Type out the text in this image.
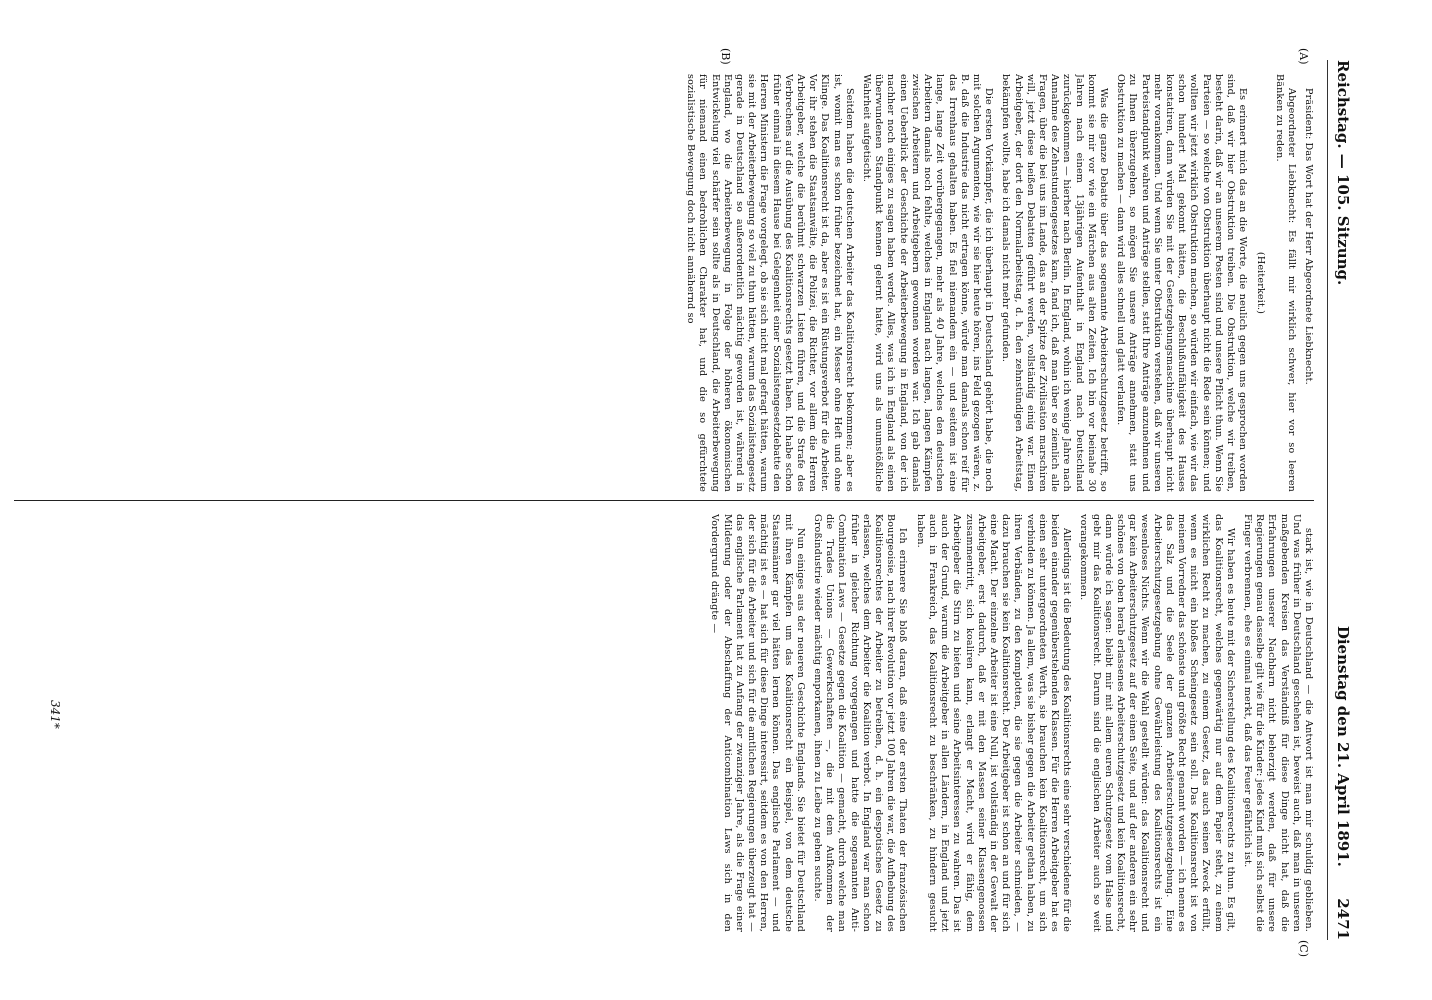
Reichstag. — 105. Sitzung.
Dienstag den 21. April 1891.      2471
(A)
(B)
(C)

Präsident: Das Wort hat der Herr Abgeordnete Liebknecht.

Abgeordneter Liebknecht: Es fällt mir wirklich schwer, hier vor so leeren Bänken zu reden.

(Heiterkeit.)

Es erinnert mich das an die Worte, die neulich gegen uns gesprochen worden sind, daß wir hier Obstruktion treiben. Die Obstruktion, welche wir treiben, besteht darin, daß wir an unserem Posten sind und unsere Pflicht thun. Wenn Sie Parteien — so welche von Obstruktion überhaupt nicht die Rede sein können; und wollten wir jetzt wirklich Obstruktion machen, so würden wir einfach, wie wir das schon hundert Mal gekonnt hätten, die Beschlußunfähigkeit des Hauses konstatiren, dann würden Sie mit der Gesetzgebungsmaschine überhaupt nicht mehr vorankommen. Und wenn Sie unter Obstruktion verstehen, daß wir unseren Parteistandpunkt wahren und Anträge stellen, statt Ihre Anträge anzunehmen und zu Ihnen überzugehen, so mögen Sie unsere Anträge annehmen, statt uns Obstruktion zu machen — dann wird alles schnell und glatt verlaufen.

Was die ganze Debatte über das sogenannte Arbeiterschutzgesetz betrifft, so kommt sie mir vor wie ein Märchen aus alten Zeiten. Ich bin vor beinahe 30 Jahren nach einem 13jährigen Aufenthalt in England nach Deutschland zurückgekommen — hierher nach Berlin. In England, wohin ich wenige Jahre nach Annahme des Zehnstundengesetzes kam, fand ich, daß man über so ziemlich alle Fragen, über die bei uns im Lande, das an der Spitze der Zivilisation marschiren will, jetzt diese heißen Debatten geführt werden, vollständig einig war. Einen Arbeitgeber, der dort den Normalarbeitstag, d. h. den zehnstündigen Arbeitstag, bekämpfen wollte, habe ich damals nicht mehr gefunden.

Die ersten Vorkämpfer, die ich überhaupt in Deutschland gehört habe, die noch mit solchen Argumenten, wie wir sie hier heute hören, ins Feld gezogen wären, z. B. daß die Industrie das nicht ertragen könne, würde man damals schon reif für das Irrenhaus gehalten haben. Es fiel niemandem ein — und seitdem ist eine lange, lange Zeit vorübergegangen, mehr als 40 Jahre, welches den deutschen Arbeitern damals noch fehlte, welches in England nach langen, langen Kämpfen zwischen Arbeitern und Arbeitgebern gewonnen worden war. Ich gab damals einen Ueberblick der Geschichte der Arbeiterbewegung in England, von der ich nachher noch einiges zu sagen haben werde. Alles, was ich in England als einen überwundenen Standpunkt kennen gelernt hatte, wird uns als unumstößliche Wahrheit aufgetischt.

Seitdem haben die deutschen Arbeiter das Koalitionsrecht bekommen; aber es ist, womit man es schon früher bezeichnet hat, ein Messer ohne Heft und ohne Klinge. Das Koalitionsrecht ist da, aber es ist ein Rüstungsverbot für die Arbeiter. Vor ihr stehen die Staatsanwälte, die Polizei, die Richter, vor allem die Herren Arbeitgeber, welche die berühmt schwarzen Listen führen, und die Strafe des Verbrechens auf die Ausübung des Koalitionsrechts gesetzt haben. Ich habe schon früher einmal in diesem Hause bei Gelegenheit einer Sozialistengesetzdebatte den Herren Ministern die Frage vorgelegt, ob sie sich nicht mal gefragt hätten, warum sie mit der Arbeiterbewegung so viel zu thun hätten, warum das Sozialistengesetz gerade in Deutschland so außerordentlich mächtig geworden ist, während in England, wo die Arbeiterbewegung in Folge der höheren ökonomischen Entwickelung viel schärfer sein sollte als in Deutschland, die Arbeiterbewegung für niemand einen bedrohlichen Charakter hat, und die so gefürchtete sozialistische Bewegung doch nicht annähernd so

stark ist, wie in Deutschland — die Antwort ist man mir schuldig geblieben. Und was früher in Deutschland geschehen ist, beweist auch, daß man in unseren maßgebenden Kreisen das Verständniß für diese Dinge nicht hat, daß die Erfahrungen unserer Nachbarn nicht beherzigt werden, daß für unsere Regierungen genau dasselbe gilt wie für die Kinder: jedes Kind muß sich selbst die Finger verbrennen, ehe es einmal merkt, daß das Feuer gefährlich ist.

Wir haben es heute mit der Sicherstellung des Koalitionsrechts zu thun. Es gilt, das Koalitionsrecht, welches gegenwärtig nur auf dem Papier steht, zu einem wirklichen Recht zu machen, zu einem Gesetz, das auch seinen Zweck erfüllt, wenn es nicht ein bloßes Scheingesetz sein soll. Das Koalitionsrecht ist von meinem Vorredner das schönste und größte Recht genannt worden — ich nenne es das Salz und die Seele der ganzen Arbeiterschutzgesetzgebung. Eine Arbeiterschutzgesetzgebung ohne Gewährleistung des Koalitionsrechts ist ein wesenloses Nichts. Wenn wir die Wahl gestellt würden: das Koalitionsrecht und gar kein Arbeiterschutzgesetz auf der einen Seite, und auf der anderen ein sehr schönes von oben herab erlassenes Arbeiterschutzgesetz und kein Koalitionsrecht, dann würde ich sagen: bleibt mir mit allem euren Schutzgesetz vom Halse und gebt mir das Koalitionsrecht. Darum sind die englischen Arbeiter auch so weit vorangekommen.

Allerdings ist die Bedeutung des Koalitionsrechts eine sehr verschiedene für die beiden einander gegenüberstehenden Klassen. Für die Herren Arbeitgeber hat es einen sehr untergeordneten Werth, sie brauchen kein Koalitionsrecht, um sich verbinden zu können. Ja allem, was sie bisher gegen die Arbeiter gethan haben, zu ihren Verbänden, zu den Komplotten, die sie gegen die Arbeiter schmieden, — dazu brauchen sie kein Koalitionsrecht. Der Arbeitgeber ist schon an und für sich eine Macht. Der einzelne Arbeiter ist eine Null, ist vollständig in der Gewalt der Arbeitgeber, erst dadurch, daß er mit den Massen seiner Klassengenossen zusammentritt, sich koaliren kann, erlangt er Macht, wird er fähig, dem Arbeitgeber die Stirn zu bieten und seine Arbeitsinteressen zu wahren. Das ist auch der Grund, warum die Arbeitgeber in allen Ländern, in England und jetzt auch in Frankreich, das Koalitionsrecht zu beschränken, zu hindern gesucht haben.

Ich erinnere Sie bloß daran, daß eine der ersten Thaten der französischen Bourgeoisie, nach ihrer Revolution vor jetzt 100 Jahren die war, die Aufhebung des Koalitionsrechtes der Arbeiter zu betreiben, d. h. ein despotisches Gesetz zu erlassen, welches dem Arbeiter die Koalition verbot. In England war man schon früher in gleicher Richtung vorgegangen und hatte die sogenannten Anti-Combination Laws — Gesetze gegen die Koalition — gemacht, durch welche man die Trades Unions — Gewerkschaften —, die mit dem Aufkommen der Großindustrie wieder mächtig emporkamen, ihnen zu Leibe zu gehen suchte.

Nun einiges aus der neueren Geschichte Englands. Sie bietet für Deutschland mit ihren Kämpfen um das Koalitionsrecht ein Beispiel, von dem deutsche Staatsmänner gar viel hätten lernen können. Das englische Parlament — und mächtig ist es — hat sich für diese Dinge interessirt, seitdem es von den Herren, der sich für die Arbeiter und sich für die amtlichen Regierungen überzeugt hat — das englische Parlament hat zu Anfang der zwanziger Jahre, als die Frage einer Milderung oder der Abschaffung der Anticombination Laws sich in den Vordergrund drängte —

341*
